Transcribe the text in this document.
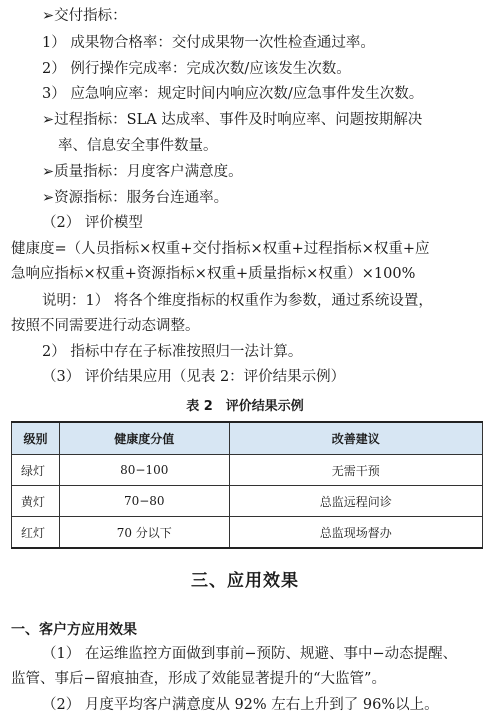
➢交付指标：
1） 成果物合格率：交付成果物一次性检查通过率。
2） 例行操作完成率：完成次数/应该发生次数。
3） 应急响应率：规定时间内响应次数/应急事件发生次数。
➢过程指标：SLA 达成率、事件及时响应率、问题按期解决
率、信息安全事件数量。
➢质量指标：月度客户满意度。
➢资源指标：服务台连通率。
（2） 评价模型
健康度=（人员指标×权重+交付指标×权重+过程指标×权重+应
急响应指标×权重+资源指标×权重+质量指标×权重）×100%
说明：1） 将各个维度指标的权重作为参数，通过系统设置，
按照不同需要进行动态调整。
2） 指标中存在子标准按照归一法计算。
（3） 评价结果应用（见表 2：评价结果示例）
表 2　评价结果示例
级别	健康度分值	改善建议
绿灯	80−100	无需干预
黄灯	70−80	总监远程问诊
红灯	70 分以下	总监现场督办
三、应用效果
一、客户方应用效果
（1） 在运维监控方面做到事前−预防、规避、事中−动态提醒、
监管、事后−留痕抽查，形成了效能显著提升的“大监管”。
（2） 月度平均客户满意度从 92% 左右上升到了 96%以上。
